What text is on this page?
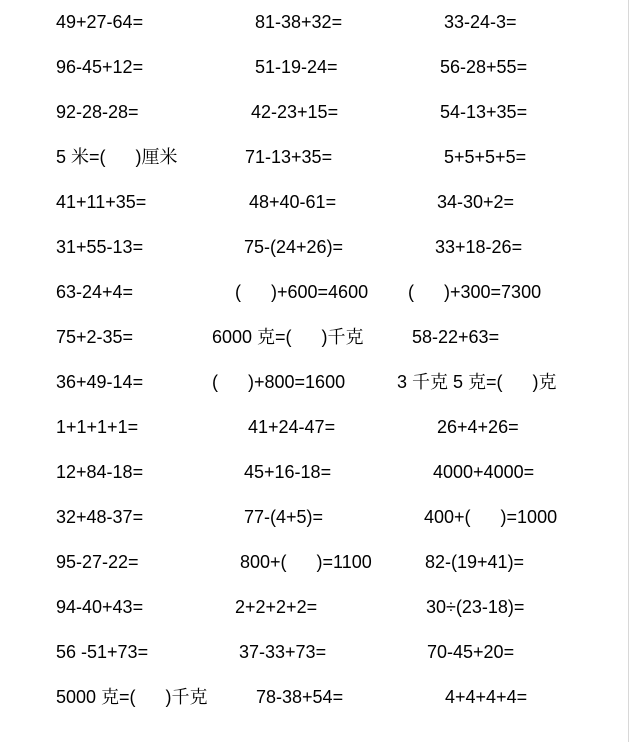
49+27-64=	81-38+32=	33-24-3=
96-45+12=	51-19-24=	56-28+55=
92-28-28=	42-23+15=	54-13+35=
5 米=(      )厘米	71-13+35=	5+5+5+5=
41+11+35=	48+40-61=	34-30+2=
31+55-13=	75-(24+26)=	33+18-26=
63-24+4=	(      )+600=4600 (      )+300=7300
75+2-35=	6000 克=(      )千克	58-22+63=
36+49-14=	(      )+800=1600	3 千克 5 克=(      )克
1+1+1+1=	41+24-47=	26+4+26=
12+84-18=	45+16-18=	4000+4000=
32+48-37=	77-(4+5)=	400+(      )=1000
95-27-22=	800+(      )=1100	82-(19+41)=
94-40+43=	2+2+2+2=	30÷(23-18)=
56 -51+73=	37-33+73=	70-45+20=
5000 克=(      )千克	78-38+54=	4+4+4+4=
